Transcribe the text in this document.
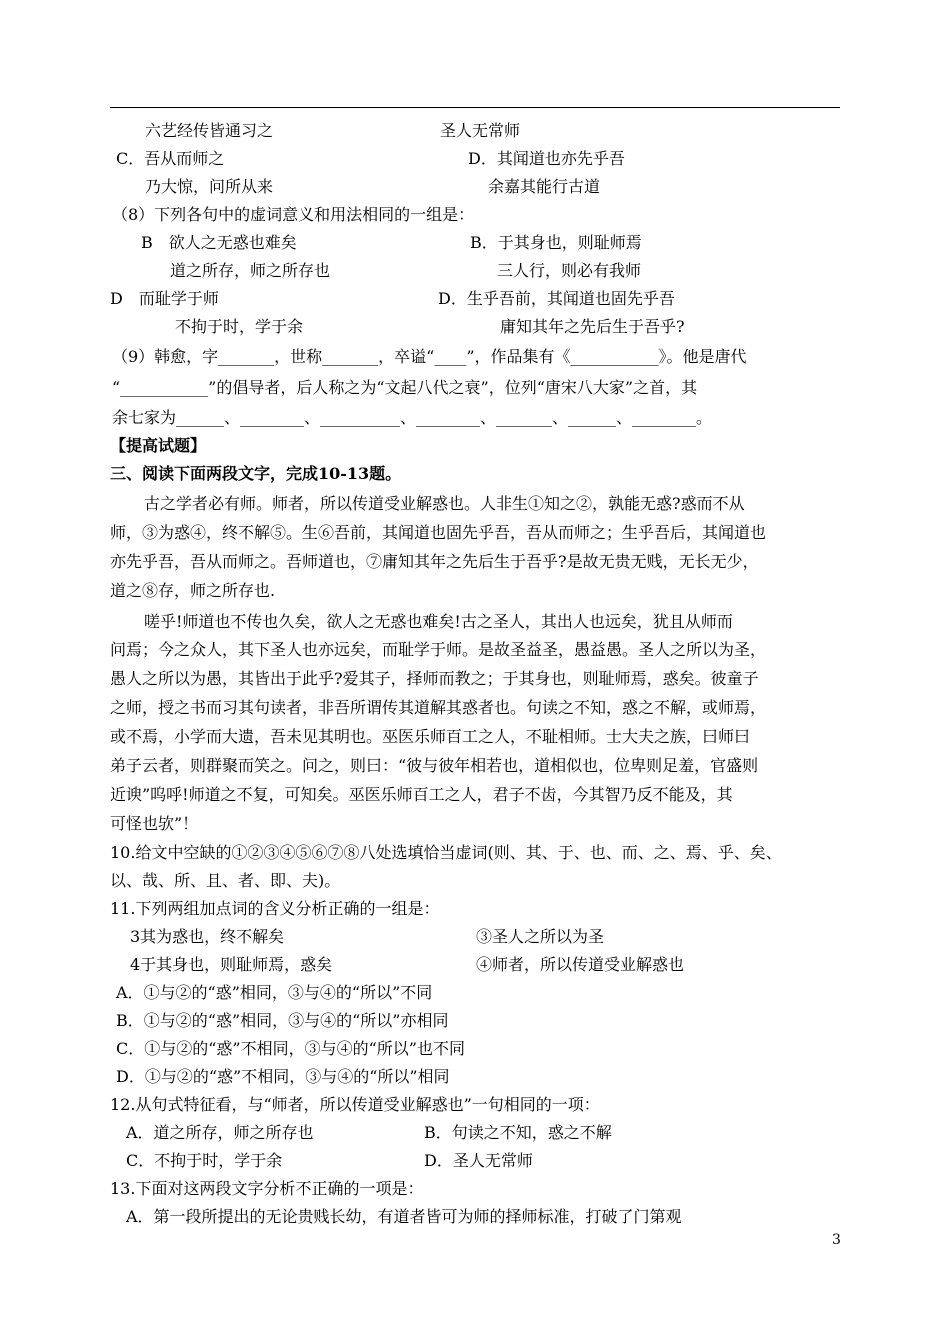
六艺经传皆通习之	圣人无常师
C．吾从而师之	D．其闻道也亦先乎吾
乃大惊，问所从来	余嘉其能行古道
（8）下列各句中的虚词意义和用法相同的一组是：
B　欲人之无惑也难矣	B．于其身也，则耻师焉
道之所存，师之所存也	三人行，则必有我师
D　而耻学于师	D．生乎吾前，其闻道也固先乎吾
不拘于时，学于余	庸知其年之先后生于吾乎?
（9）韩愈，字_______，世称_______，卒谥“____”，作品集有《___________》。他是唐代
“___________”的倡导者，后人称之为“文起八代之衰”，位列“唐宋八大家”之首，其
余七家为______、________、__________、________、_______、______、________。
【提高试题】
三、阅读下面两段文字，完成10-13题。
古之学者必有师。师者，所以传道受业解惑也。人非生①知之②，孰能无惑?惑而不从
师，③为惑④，终不解⑤。生⑥吾前，其闻道也固先乎吾，吾从而师之；生乎吾后，其闻道也
亦先乎吾，吾从而师之。吾师道也，⑦庸知其年之先后生于吾乎?是故无贵无贱，无长无少，
道之⑧存，师之所存也.
嗟乎!师道也不传也久矣，欲人之无惑也难矣!古之圣人，其出人也远矣，犹且从师而
问焉；今之众人，其下圣人也亦远矣，而耻学于师。是故圣益圣，愚益愚。圣人之所以为圣，
愚人之所以为愚，其皆出于此乎?爱其子，择师而教之；于其身也，则耻师焉，惑矣。彼童子
之师，授之书而习其句读者，非吾所谓传其道解其惑者也。句读之不知，惑之不解，或师焉，
或不焉，小学而大遗，吾未见其明也。巫医乐师百工之人，不耻相师。士大夫之族，曰师曰
弟子云者，则群聚而笑之。问之，则曰：“彼与彼年相若也，道相似也，位卑则足羞，官盛则
近谀”呜呼!师道之不复，可知矣。巫医乐师百工之人，君子不齿，今其智乃反不能及，其
可怪也欤”！
10.给文中空缺的①②③④⑤⑥⑦⑧八处选填恰当虚词(则、其、于、也、而、之、焉、乎、矣、
以、哉、所、且、者、即、夫)。
11.下列两组加点词的含义分析正确的一组是：
3其为惑也，终不解矣	③圣人之所以为圣
4于其身也，则耻师焉，惑矣	④师者，所以传道受业解惑也
A．①与②的“惑”相同，③与④的“所以”不同
B．①与②的“惑”相同，③与④的“所以”亦相同
C．①与②的“惑”不相同，③与④的“所以”也不同
D．①与②的“惑”不相同，③与④的“所以”相同
12.从句式特征看，与“师者，所以传道受业解惑也”一句相同的一项：
A．道之所存，师之所存也	B．句读之不知，惑之不解
C．不拘于时，学于余	D．圣人无常师
13.下面对这两段文字分析不正确的一项是：
A．第一段所提出的无论贵贱长幼，有道者皆可为师的择师标准，打破了门第观
3
